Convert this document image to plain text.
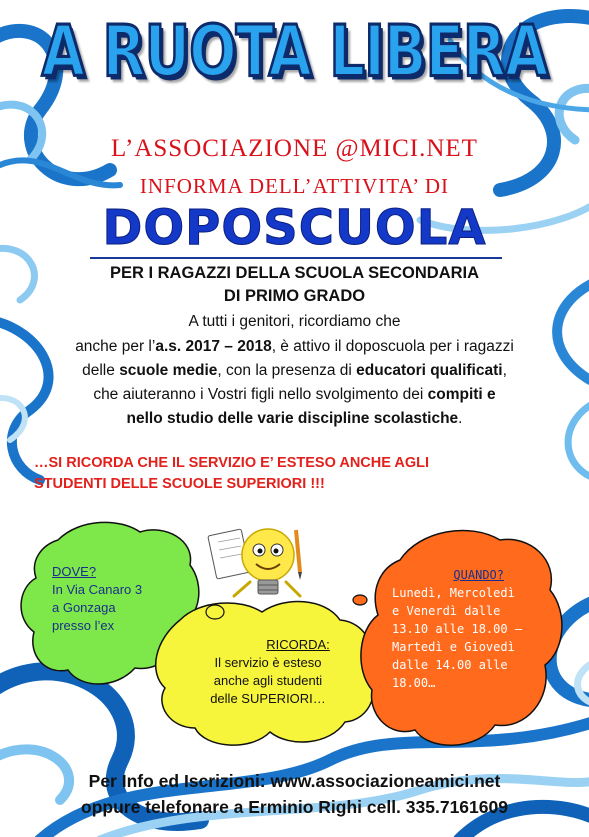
A RUOTA LIBERA
L’ASSOCIAZIONE @MICI.NET
INFORMA DELL’ATTIVITA’ DI
DOPOSCUOLA
PER I RAGAZZI DELLA SCUOLA SECONDARIA
DI PRIMO GRADO
A tutti i genitori, ricordiamo che
anche per l’a.s. 2017 – 2018, è attivo il doposcuola per i ragazzi
delle scuole medie, con la presenza di educatori qualificati,
che aiuteranno i Vostri figli nello svolgimento dei compiti e
nello studio delle varie discipline scolastiche.
…SI RICORDA CHE IL SERVIZIO E’ ESTESO ANCHE AGLI
STUDENTI DELLE SCUOLE SUPERIORI !!!
DOVE?
In Via Canaro 3
a Gonzaga
presso l’ex
RICORDA:
Il servizio è esteso
anche agli studenti
delle SUPERIORI…
QUANDO?
Lunedì, Mercoledì
e Venerdì dalle
13.10 alle 18.00 –
Martedì e Giovedì
dalle 14.00 alle
18.00…
Per Info ed Iscrizioni: www.associazioneamici.net
oppure telefonare a Erminio Righi cell. 335.7161609
